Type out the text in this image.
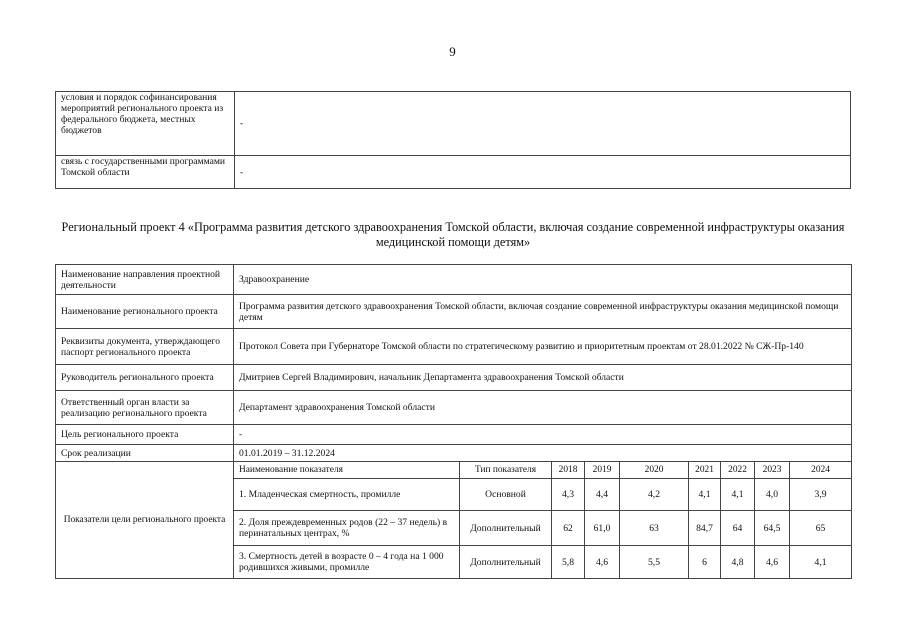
9
условия и порядок софинансирования мероприятий регионального проекта из федерального бюджета, местных бюджетов	-
связь с государственными программами Томской области	-
Региональный проект 4 «Программа развития детского здравоохранения Томской области, включая создание современной инфраструктуры оказания медицинской помощи детям»
Наименование направления проектной деятельности	Здравоохранение								
Наименование регионального проекта	Программа развития детского здравоохранения Томской области, включая создание современной инфраструктуры оказания медицинской помощи детям								
Реквизиты документа, утверждающего паспорт регионального проекта	Протокол Совета при Губернаторе Томской области по стратегическому развитию и приоритетным проектам от 28.01.2022 № СЖ-Пр-140								
Руководитель регионального проекта	Дмитриев Сергей Владимирович, начальник Департамента здравоохранения Томской области								
Ответственный орган власти за реализацию регионального проекта	Департамент здравоохранения Томской области								
Цель регионального проекта	-								
Срок реализации	01.01.2019 – 31.12.2024								
Показатели цели регионального проекта	Наименование показателя	Тип показателя	2018	2019	2020	2021	2022	2023	2024
	1. Младенческая смертность, промилле	Основной	4,3	4,4	4,2	4,1	4,1	4,0	3,9
	2. Доля преждевременных родов (22 – 37 недель) в перинатальных центрах, %	Дополнительный	62	61,0	63	84,7	64	64,5	65
	3. Смертность детей в возрасте 0 – 4 года на 1 000 родившихся живыми, промилле	Дополнительный	5,8	4,6	5,5	6	4,8	4,6	4,1
